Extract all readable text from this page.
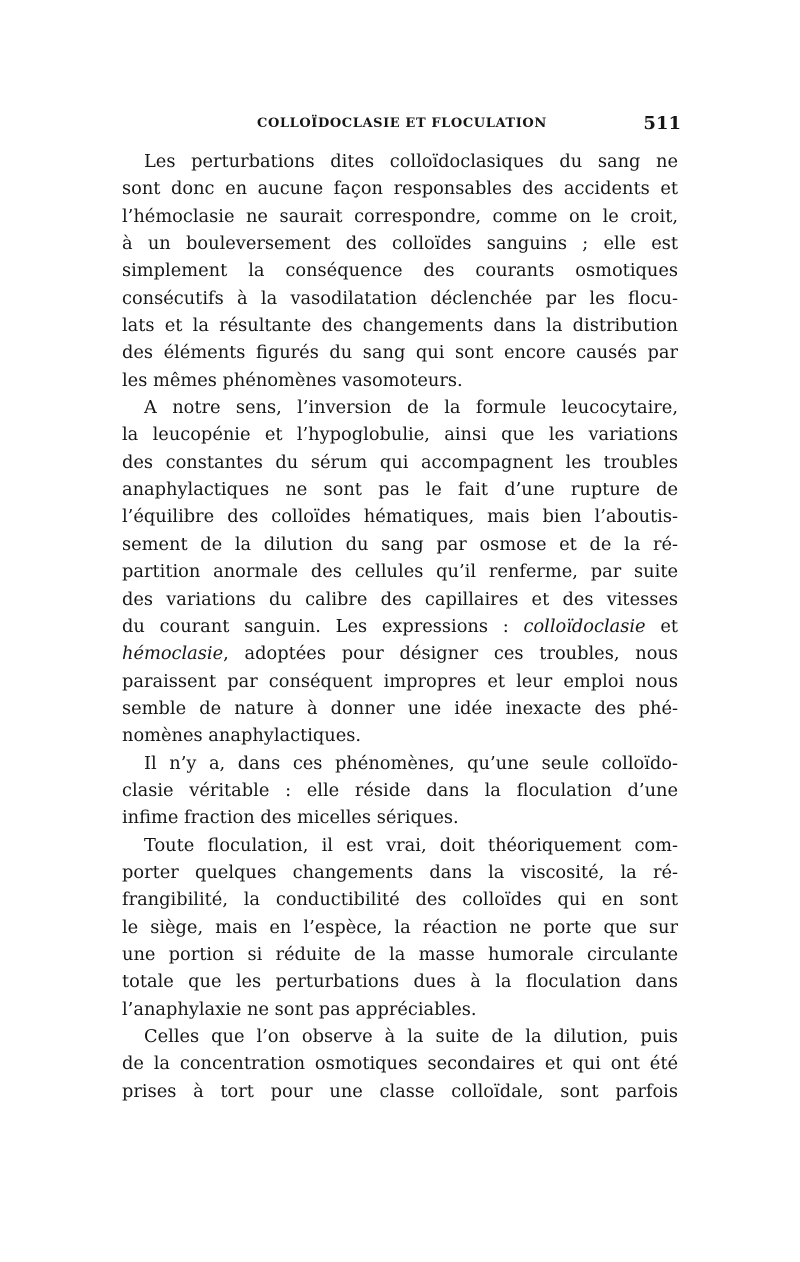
COLLOÏDOCLASIE ET FLOCULATION	511
Les perturbations dites colloïdoclasiques du sang ne
sont donc en aucune façon responsables des accidents et
l’hémoclasie ne saurait correspondre, comme on le croit,
à un bouleversement des colloïdes sanguins ; elle est
simplement la conséquence des courants osmotiques
consécutifs à la vasodilatation déclenchée par les flocu-
lats et la résultante des changements dans la distribution
des éléments figurés du sang qui sont encore causés par
les mêmes phénomènes vasomoteurs.
A notre sens, l’inversion de la formule leucocytaire,
la leucopénie et l’hypoglobulie, ainsi que les variations
des constantes du sérum qui accompagnent les troubles
anaphylactiques ne sont pas le fait d’une rupture de
l’équilibre des colloïdes hématiques, mais bien l’aboutis-
sement de la dilution du sang par osmose et de la ré-
partition anormale des cellules qu’il renferme, par suite
des variations du calibre des capillaires et des vitesses
du courant sanguin. Les expressions : colloïdoclasie et
hémoclasie, adoptées pour désigner ces troubles, nous
paraissent par conséquent impropres et leur emploi nous
semble de nature à donner une idée inexacte des phé-
nomènes anaphylactiques.
Il n’y a, dans ces phénomènes, qu’une seule colloïdo-
clasie véritable : elle réside dans la floculation d’une
infime fraction des micelles sériques.
Toute floculation, il est vrai, doit théoriquement com-
porter quelques changements dans la viscosité, la ré-
frangibilité, la conductibilité des colloïdes qui en sont
le siège, mais en l’espèce, la réaction ne porte que sur
une portion si réduite de la masse humorale circulante
totale que les perturbations dues à la floculation dans
l’anaphylaxie ne sont pas appréciables.
Celles que l’on observe à la suite de la dilution, puis
de la concentration osmotiques secondaires et qui ont été
prises à tort pour une classe colloïdale, sont parfois
